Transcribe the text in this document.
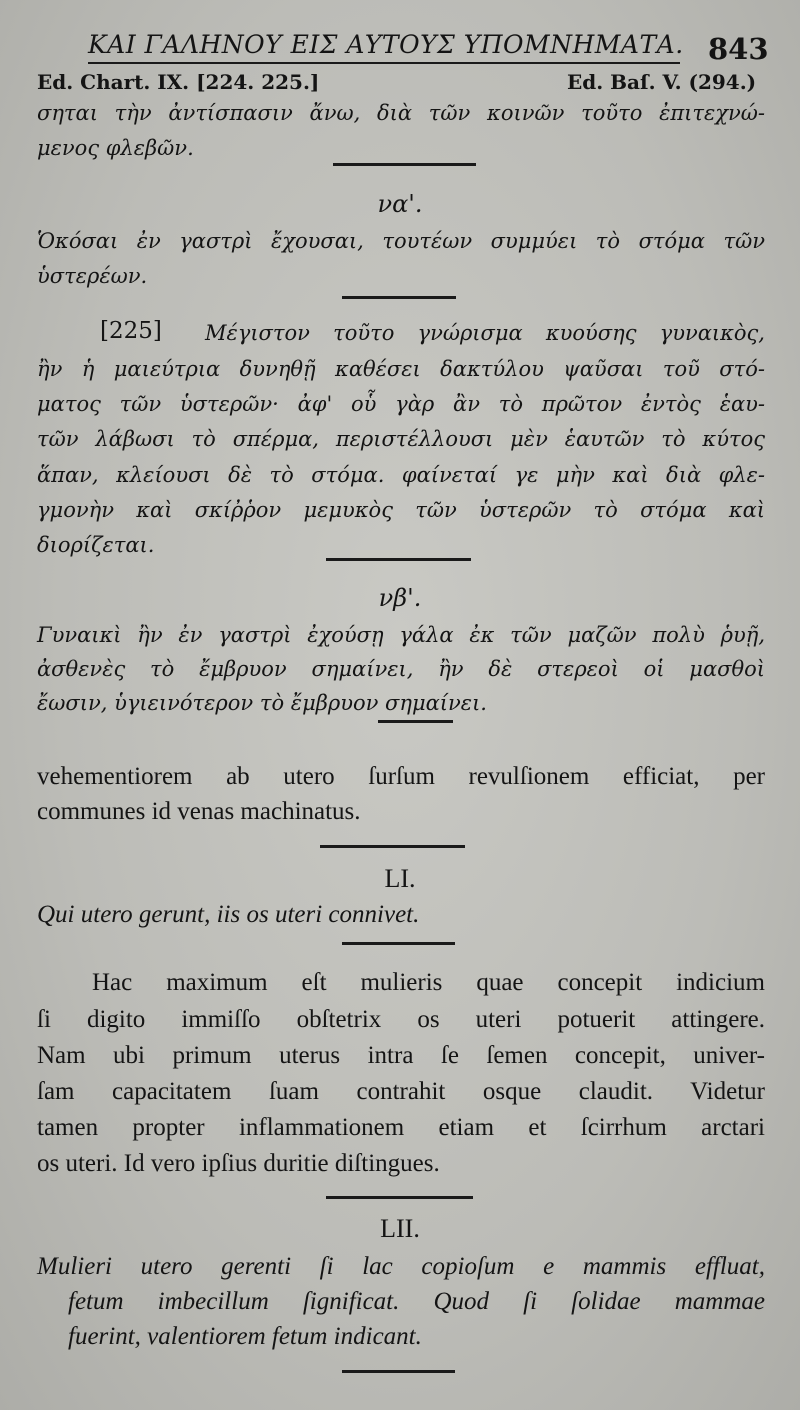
ΚΑΙ ΓΑΛΗΝΟΥ ΕΙΣ ΑΥΤΟΥΣ ΥΠΟΜΝΗΜΑΤΑ. 843
Ed. Chart. IX. [224. 225.]	Ed. Baſ. V. (294.)
σηται τὴν ἀντίσπασιν ἄνω, διὰ τῶν κοινῶν τοῦτο ἐπιτεχνώ-
μενος φλεβῶν.
να'.
Ὁκόσαι ἐν γαστρὶ ἔχουσαι, τουτέων συμμύει τὸ στόμα τῶν
ὑστερέων.
[225] Μέγιστον τοῦτο γνώρισμα κυούσης γυναικὸς,
ἢν ἡ μαιεύτρια δυνηθῇ καθέσει δακτύλου ψαῦσαι τοῦ στό-
ματος τῶν ὑστερῶν· ἀφ' οὗ γὰρ ἂν τὸ πρῶτον ἐντὸς ἑαυ-
τῶν λάβωσι τὸ σπέρμα, περιστέλλουσι μὲν ἑαυτῶν τὸ κύτος
ἅπαν, κλείουσι δὲ τὸ στόμα. φαίνεταί γε μὴν καὶ διὰ φλε-
γμονὴν καὶ σκίῤῥον μεμυκὸς τῶν ὑστερῶν τὸ στόμα καὶ
διορίζεται.
νβ'.
Γυναικὶ ἢν ἐν γαστρὶ ἐχούσῃ γάλα ἐκ τῶν μαζῶν πολὺ ῥυῇ,
ἀσθενὲς τὸ ἔμβρυον σημαίνει, ἢν δὲ στερεοὶ οἱ μασθοὶ
ἔωσιν, ὑγιεινότερον τὸ ἔμβρυον σημαίνει.
vehementiorem ab utero ſurſum revulſionem efficiat, per
communes id venas machinatus.
LI.
Qui utero gerunt, iis os uteri connivet.
Hac maximum eſt mulieris quae concepit indicium
ſi digito immiſſo obſtetrix os uteri potuerit attingere.
Nam ubi primum uterus intra ſe ſemen concepit, univer-
ſam capacitatem ſuam contrahit osque claudit. Videtur
tamen propter inflammationem etiam et ſcirrhum arctari
os uteri. Id vero ipſius duritie diſtingues.
LII.
Mulieri utero gerenti ſi lac copioſum e mammis effluat,
fetum imbecillum ſignificat. Quod ſi ſolidae mammae
fuerint, valentiorem fetum indicant.
